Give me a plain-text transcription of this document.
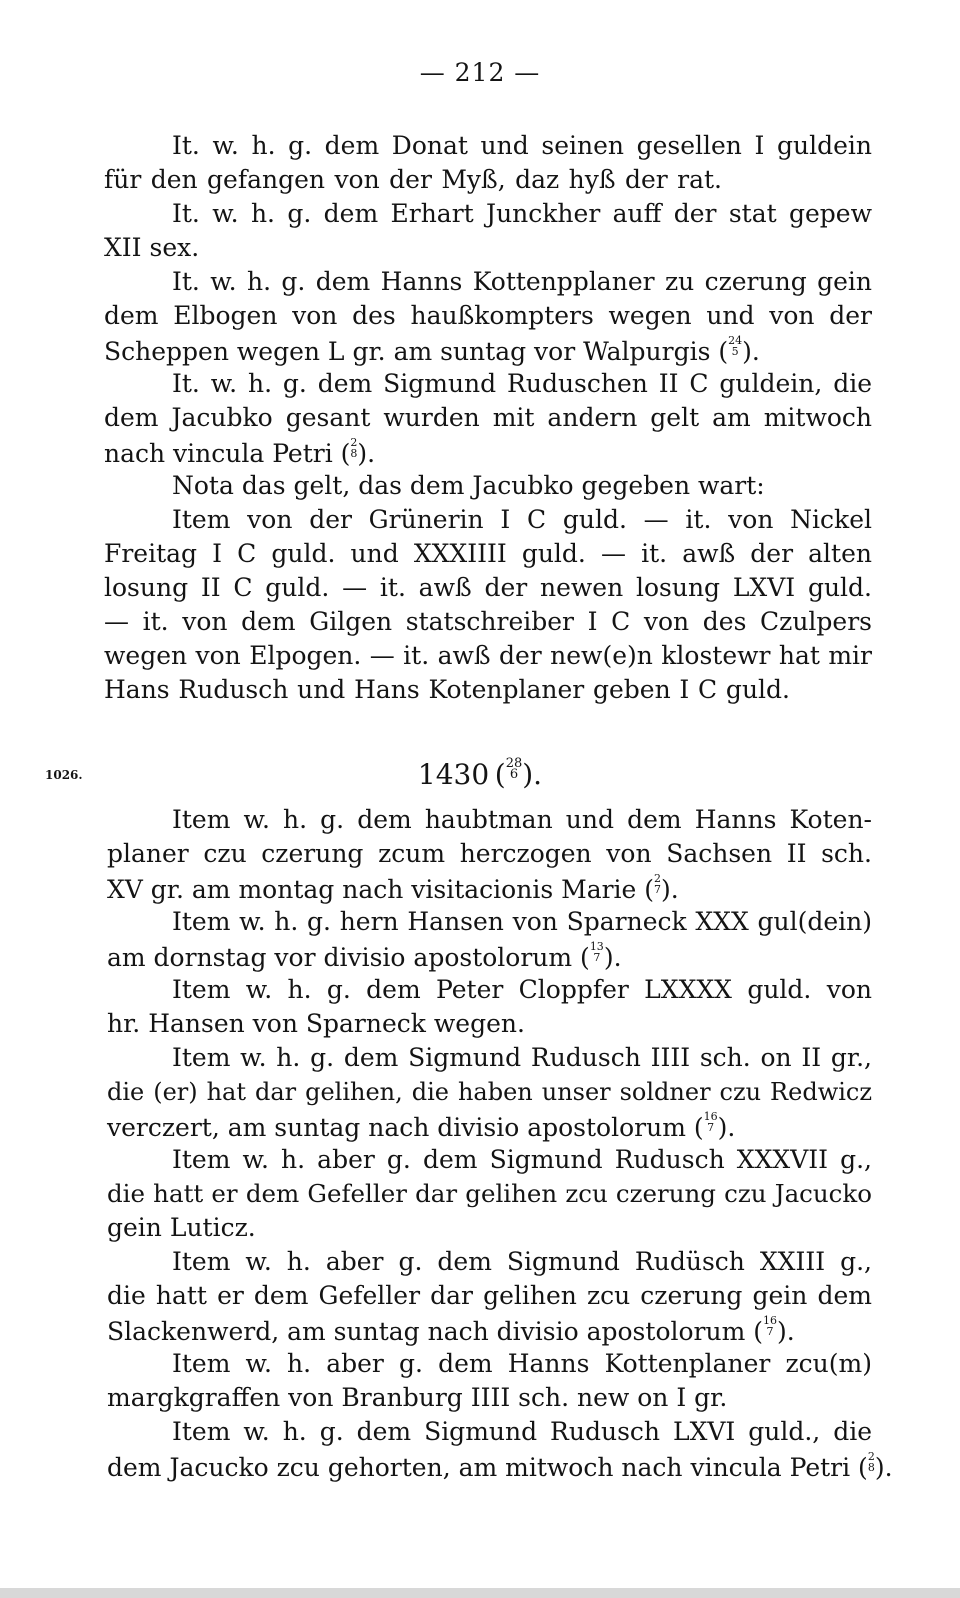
— 212 —
It. w. h. g. dem Donat und seinen gesellen I guldein
für den gefangen von der Myß, daz hyß der rat.
It. w. h. g. dem Erhart Junckher auff der stat gepew
XII sex.
It. w. h. g. dem Hanns Kottenpplaner zu czerung gein
dem Elbogen von des haußkompters wegen und von der
Scheppen wegen L gr. am suntag vor Walpurgis ( 24
5 ).
It. w. h. g. dem Sigmund Ruduschen II C guldein, die
dem Jacubko gesant wurden mit andern gelt am mitwoch
nach vincula Petri ( 2
8 ).
Nota das gelt, das dem Jacubko gegeben wart:
Item von der Grünerin I C guld. — it. von Nickel
Freitag I C guld. und XXXIIII guld. — it. awß der alten
losung II C guld. — it. awß der newen losung LXVI guld.
— it. von dem Gilgen statschreiber I C von des Czulpers
wegen von Elpogen. — it. awß der new(e)n klostewr hat mir
Hans Rudusch und Hans Kotenplaner geben I C guld.
1026.	1430 ( 28
6 ).
Item w. h. g. dem haubtman und dem Hanns Koten-
planer czu czerung zcum herczogen von Sachsen II sch.
XV gr. am montag nach visitacionis Marie ( 2
7 ).
Item w. h. g. hern Hansen von Sparneck XXX gul(dein)
am dornstag vor divisio apostolorum ( 13
7 ).
Item w. h. g. dem Peter Cloppfer LXXXX guld. von
hr. Hansen von Sparneck wegen.
Item w. h. g. dem Sigmund Rudusch IIII sch. on II gr.,
die (er) hat dar gelihen, die haben unser soldner czu Redwicz
verczert, am suntag nach divisio apostolorum ( 16
7 ).
Item w. h. aber g. dem Sigmund Rudusch XXXVII g.,
die hatt er dem Gefeller dar gelihen zcu czerung czu Jacucko
gein Luticz.
Item w. h. aber g. dem Sigmund Rudüsch XXIII g.,
die hatt er dem Gefeller dar gelihen zcu czerung gein dem
Slackenwerd, am suntag nach divisio apostolorum ( 16
7 ).
Item w. h. aber g. dem Hanns Kottenplaner zcu(m)
margkgraffen von Branburg IIII sch. new on I gr.
Item w. h. g. dem Sigmund Rudusch LXVI guld., die
dem Jacucko zcu gehorten, am mitwoch nach vincula Petri ( 2
8 ).
